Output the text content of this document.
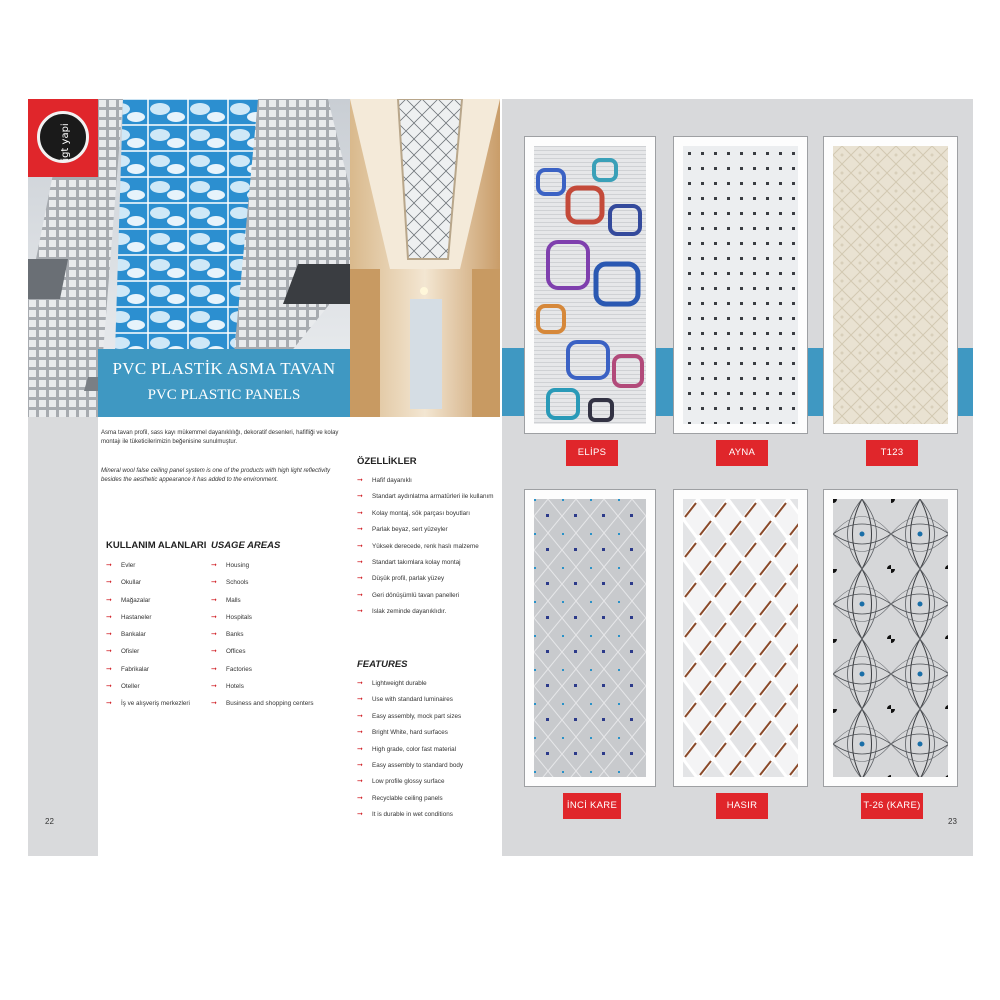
igt yapi
PVC PLASTİK ASMA TAVAN
PVC PLASTIC PANELS
Asma tavan profil, sass kayı mükemmel dayanıklılığı, dekoratif desenleri, hafifliği ve kolay montajı ile tüketicilerimizin beğenisine sunulmuştur.
Mineral wool false ceiling panel system is one of the products with high light reflectivity besides the aesthetic appearance it has added to the environment.
KULLANIM ALANLARI USAGE AREAS
➞ Evler
➞ Okullar
➞ Mağazalar
➞ Hastaneler
➞ Bankalar
➞ Ofisler
➞ Fabrikalar
➞ Oteller
➞ İş ve alışveriş merkezleri
➞ Housing
➞ Schools
➞ Malls
➞ Hospitals
➞ Banks
➞ Offices
➞ Factories
➞ Hotels
➞ Business and shopping centers
ÖZELLİKLER
➞ Hafif dayanıklı
➞ Standart aydınlatma armatürleri ile kullanım
➞ Kolay montaj, sök parçası boyutları
➞ Parlak beyaz, sert yüzeyler
➞ Yüksek derecede, renk haslı malzeme
➞ Standart takımlara kolay montaj
➞ Düşük profil, parlak yüzey
➞ Geri dönüşümlü tavan panelleri
➞ Islak zeminde dayanıklıdır.
FEATURES
➞ Lightweight durable
➞ Use with standard luminaires
➞ Easy assembly, mock part sizes
➞ Bright White, hard surfaces
➞ High grade, color fast material
➞ Easy assembly to standard body
➞ Low profile glossy surface
➞ Recyclable ceiling panels
➞ It is durable in wet conditions
22
ELİPS	AYNA	T123
İNCİ KARE	HASIR	T-26 (KARE)
23
